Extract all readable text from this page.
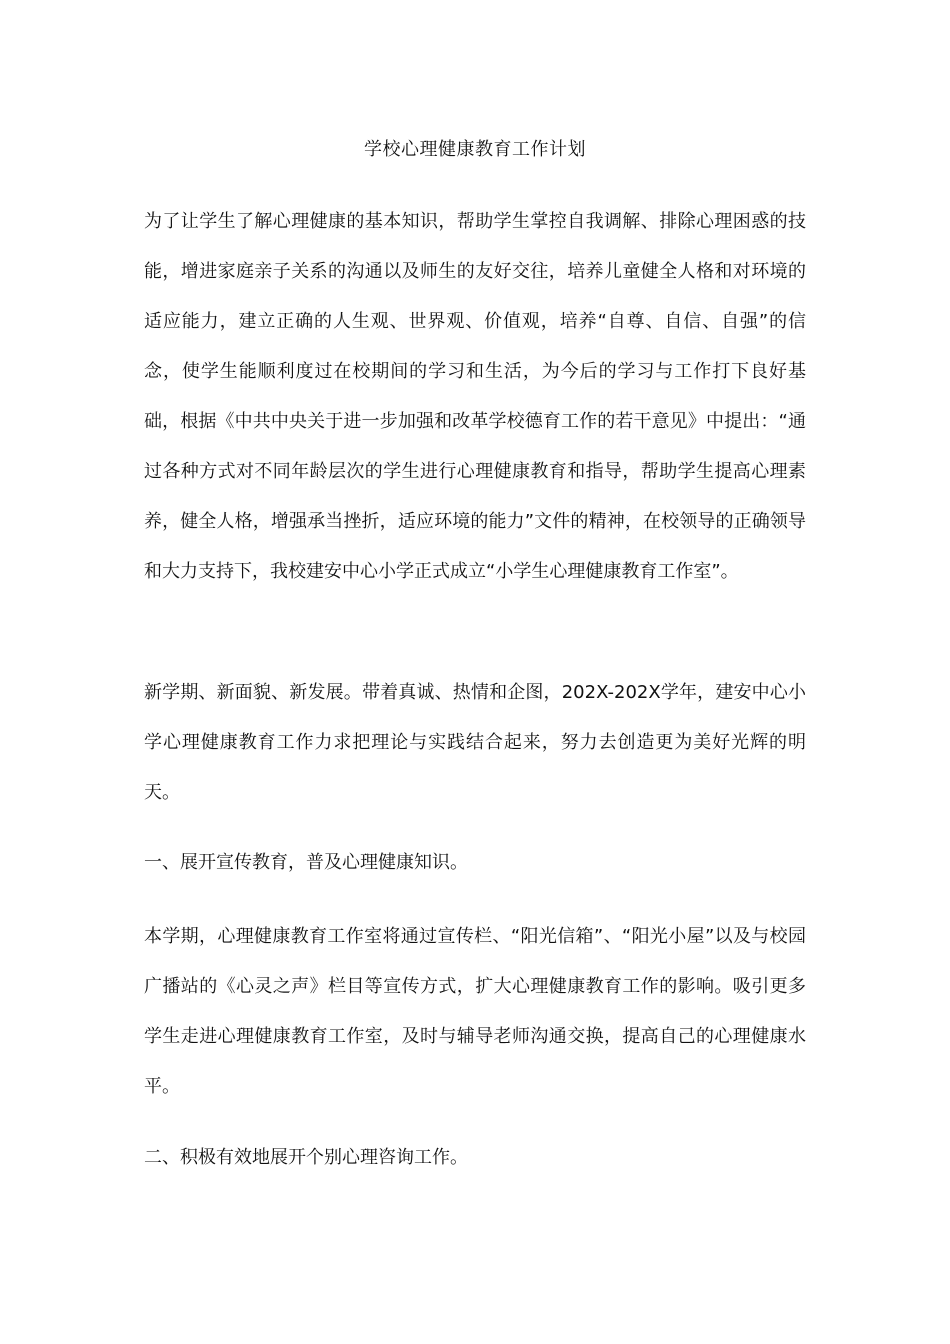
学校心理健康教育工作计划

为了让学生了解心理健康的基本知识，帮助学生掌控自我调解、排除心理困惑的技能，增进家庭亲子关系的沟通以及师生的友好交往，培养儿童健全人格和对环境的适应能力，建立正确的人生观、世界观、价值观，培养“自尊、自信、自强”的信念，使学生能顺利度过在校期间的学习和生活，为今后的学习与工作打下良好基础，根据《中共中央关于进一步加强和改革学校德育工作的若干意见》中提出：“通过各种方式对不同年龄层次的学生进行心理健康教育和指导，帮助学生提高心理素养，健全人格，增强承当挫折，适应环境的能力”文件的精神，在校领导的正确领导和大力支持下，我校建安中心小学正式成立“小学生心理健康教育工作室”。

新学期、新面貌、新发展。带着真诚、热情和企图，202X-202X学年，建安中心小学心理健康教育工作力求把理论与实践结合起来，努力去创造更为美好光辉的明天。

一、展开宣传教育，普及心理健康知识。

本学期，心理健康教育工作室将通过宣传栏、“阳光信箱”、“阳光小屋”以及与校园广播站的《心灵之声》栏目等宣传方式，扩大心理健康教育工作的影响。吸引更多学生走进心理健康教育工作室，及时与辅导老师沟通交换，提高自己的心理健康水平。

二、积极有效地展开个别心理咨询工作。
